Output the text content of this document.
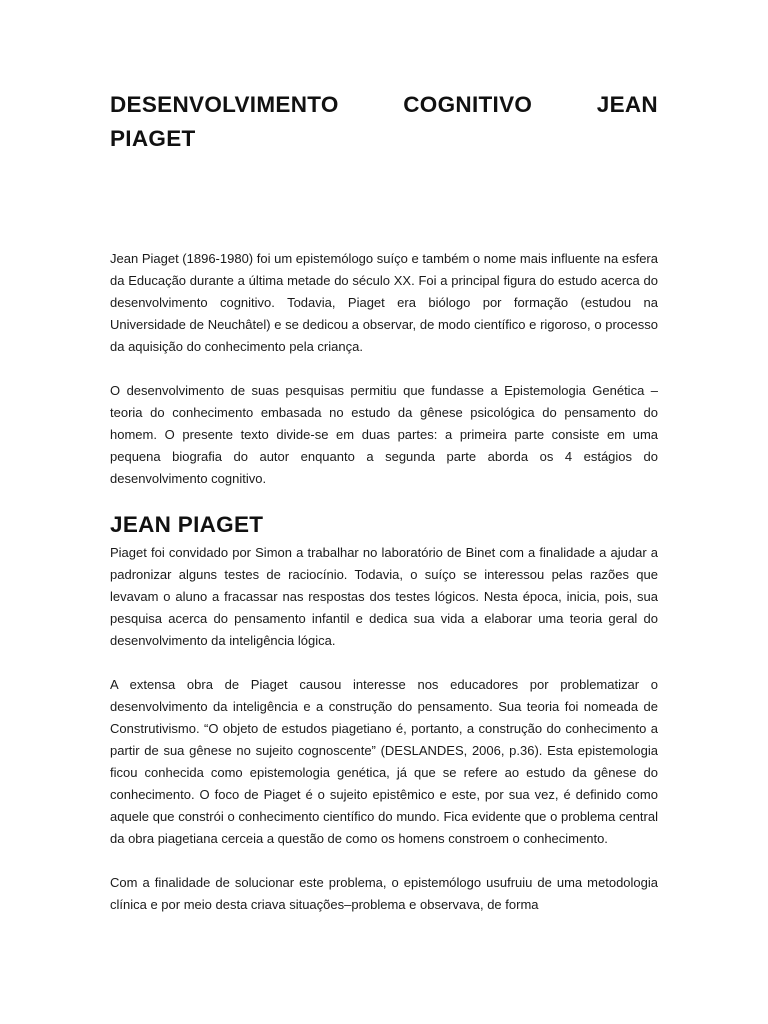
DESENVOLVIMENTO	COGNITIVO	JEAN
PIAGET

Jean Piaget (1896-1980) foi um epistemólogo suíço e também o nome mais influente na esfera da Educação durante a última metade do século XX. Foi a principal figura do estudo acerca do desenvolvimento cognitivo. Todavia, Piaget era biólogo por formação (estudou na Universidade de Neuchâtel) e se dedicou a observar, de modo científico e rigoroso, o processo da aquisição do conhecimento pela criança.

O desenvolvimento de suas pesquisas permitiu que fundasse a Epistemologia Genética – teoria do conhecimento embasada no estudo da gênese psicológica do pensamento do homem. O presente texto divide-se em duas partes: a primeira parte consiste em uma pequena biografia do autor enquanto a segunda parte aborda os 4 estágios do desenvolvimento cognitivo.

JEAN PIAGET

Piaget foi convidado por Simon a trabalhar no laboratório de Binet com a finalidade a ajudar a padronizar alguns testes de raciocínio. Todavia, o suíço se interessou pelas razões que levavam o aluno a fracassar nas respostas dos testes lógicos. Nesta época, inicia, pois, sua pesquisa acerca do pensamento infantil e dedica sua vida a elaborar uma teoria geral do desenvolvimento da inteligência lógica.

A extensa obra de Piaget causou interesse nos educadores por problematizar o desenvolvimento da inteligência e a construção do pensamento. Sua teoria foi nomeada de Construtivismo. “O objeto de estudos piagetiano é, portanto, a construção do conhecimento a partir de sua gênese no sujeito cognoscente” (DESLANDES, 2006, p.36). Esta epistemologia ficou conhecida como epistemologia genética, já que se refere ao estudo da gênese do conhecimento. O foco de Piaget é o sujeito epistêmico e este, por sua vez, é definido como aquele que constrói o conhecimento científico do mundo. Fica evidente que o problema central da obra piagetiana cerceia a questão de como os homens constroem o conhecimento.

Com a finalidade de solucionar este problema, o epistemólogo usufruiu de uma metodologia clínica e por meio desta criava situações–problema e observava, de forma
